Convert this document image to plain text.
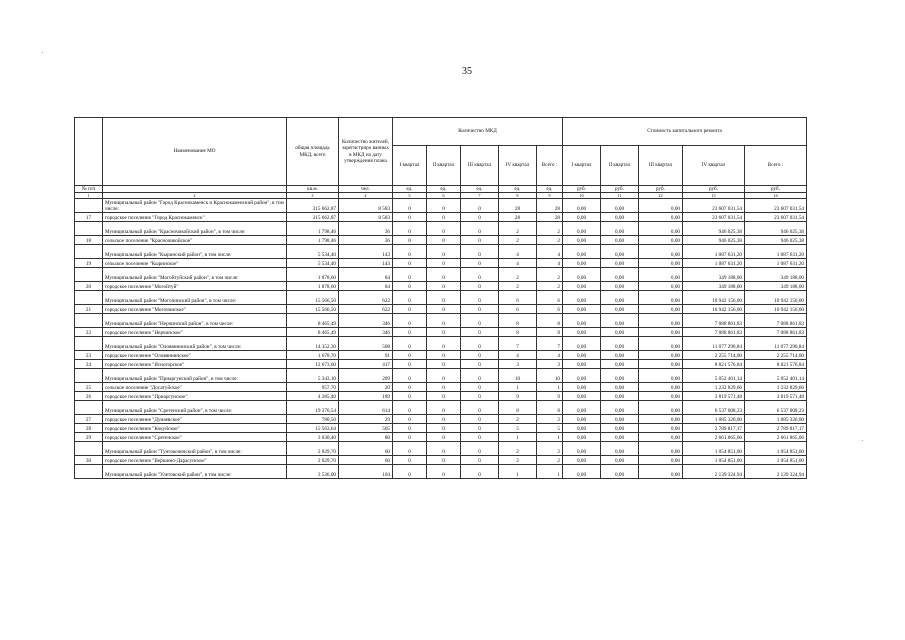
35
	Наименование МО	общая площадь МКД, всего	Количество жителей, зарегистриро ванных в МКД на дату утверждения плана	Количество МКД					Стоимость капитального ремонта				
				I квартал	II квартал	III квартал	IV квартал	Всего :	I квартал	II квартал	III квартал	IV квартал	Всего :
№ п/п		кв.м.	чел.	ед.	ед.	ед.	ед.	ед.	руб.	руб.	руб.	руб.	руб.
1	2	3	4	5	6	7	8	9	10	11	12	13	14
	Муниципальный район "Город Краснокаменск и Краснокаменский район", в том числе:	315 662,87	8 583	0	0	0	28	28	0,00	0,00	0,00	23 607 031,54	23 607 031,54
17	городское поселение "Город Краснокаменск"	315 662,87	8 583	0	0	0	28	28	0,00	0,00	0,00	23 607 031,54	23 607 031,54
	Муниципальный район "Красночикойский район", в том числе:	1 798,46	36	0	0	0	2	2	0,00	0,00	0,00	946 025,38	946 025,38
18	сельское поселение "Красночикойское"	1 798,46	36	0	0	0	2	2	0,00	0,00	0,00	946 025,38	946 025,38
	Муниципальный район "Кыринский район", в том числе:	5 534,40	143	0	0	0	4	4	0,00	0,00	0,00	1 087 631,20	1 087 631,20
19	сельское поселение "Кыринское"	5 534,40	143	0	0	0	4	4	0,00	0,00	0,00	1 087 631,20	1 087 631,20
	Муниципальный район "Могойтуйский район", в том числе:	1 878,60	84	0	0	0	2	2	0,00	0,00	0,00	349 188,00	349 188,00
20	городское поселение "Могойтуй"	1 878,60	84	0	0	0	2	2	0,00	0,00	0,00	349 188,00	349 188,00
	Муниципальный район "Могочинский район", в том числе:	15 566,50	622	0	0	0	6	6	0,00	0,00	0,00	10 942 156,00	10 942 156,00
21	городское поселение "Могочинское"	15 566,50	622	0	0	0	6	6	0,00	0,00	0,00	10 942 156,00	10 942 156,00
	Муниципальный район "Нерчинский район", в том числе:	8 465,49	346	0	0	0	8	8	0,00	0,00	0,00	7 088 861,83	7 088 861,83
22	городское поселение "Нерчинское"	8 465,49	346	0	0	0	8	8	0,00	0,00	0,00	7 088 861,83	7 088 861,83
	Муниципальный район "Оловяннинский район", в том числе:	14 352,30	508	0	0	0	7	7	0,00	0,00	0,00	11 077 290,84	11 077 290,84
23	городское поселение "Оловяннинское"	1 678,70	91	0	0	0	4	4	0,00	0,00	0,00	2 255 714,00	2 255 714,00
24	городское поселение "Ясногорское"	12 673,60	417	0	0	0	3	3	0,00	0,00	0,00	8 821 576,84	8 821 576,84
	Муниципальный район "Приаргунский район", в том числе:	5 343,10	209	0	0	0	10	10	0,00	0,00	0,00	5 052 401,14	5 052 401,14
25	сельское поселение "Досатуйское"	957,70	20	0	0	0	1	1	0,00	0,00	0,00	1 232 829,66	1 232 829,66
26	городское поселение "Приаргунское"	4 385,40	189	0	0	0	9	9	0,00	0,00	0,00	3 819 571,48	3 819 571,48
	Муниципальный район "Сретенский район", в том числе:	19 376,54	614	0	0	0	8	8	0,00	0,00	0,00	6 537 008,23	6 537 008,23
27	городское поселение "Дунаевское"	780,50	29	0	0	0	2	2	0,00	0,00	0,00	1 085 326,00	1 085 326,00
28	городское поселение "Кокуйское"	15 563,64	505	0	0	0	5	5	0,00	0,00	0,00	2 789 817,17	2 789 817,17
29	городское поселение "Сретенское"	3 030,40	80	0	0	0	1	1	0,00	0,00	0,00	2 661 865,06	2 661 865,06
	Муниципальный район "Тунгокоченский район", в том числе:	2 029,70	60	0	0	0	2	2	0,00	0,00	0,00	1 054 851,00	1 054 851,00
30	городское поселение "Вершино-Дарасунское"	2 029,70	60	0	0	0	2	2	0,00	0,00	0,00	1 054 851,00	1 054 851,00
	Муниципальный район "Улетовский район", в том числе:	3 536,00	104	0	0	0	1	1	0,00	0,00	0,00	2 139 324,94	2 139 324,94
